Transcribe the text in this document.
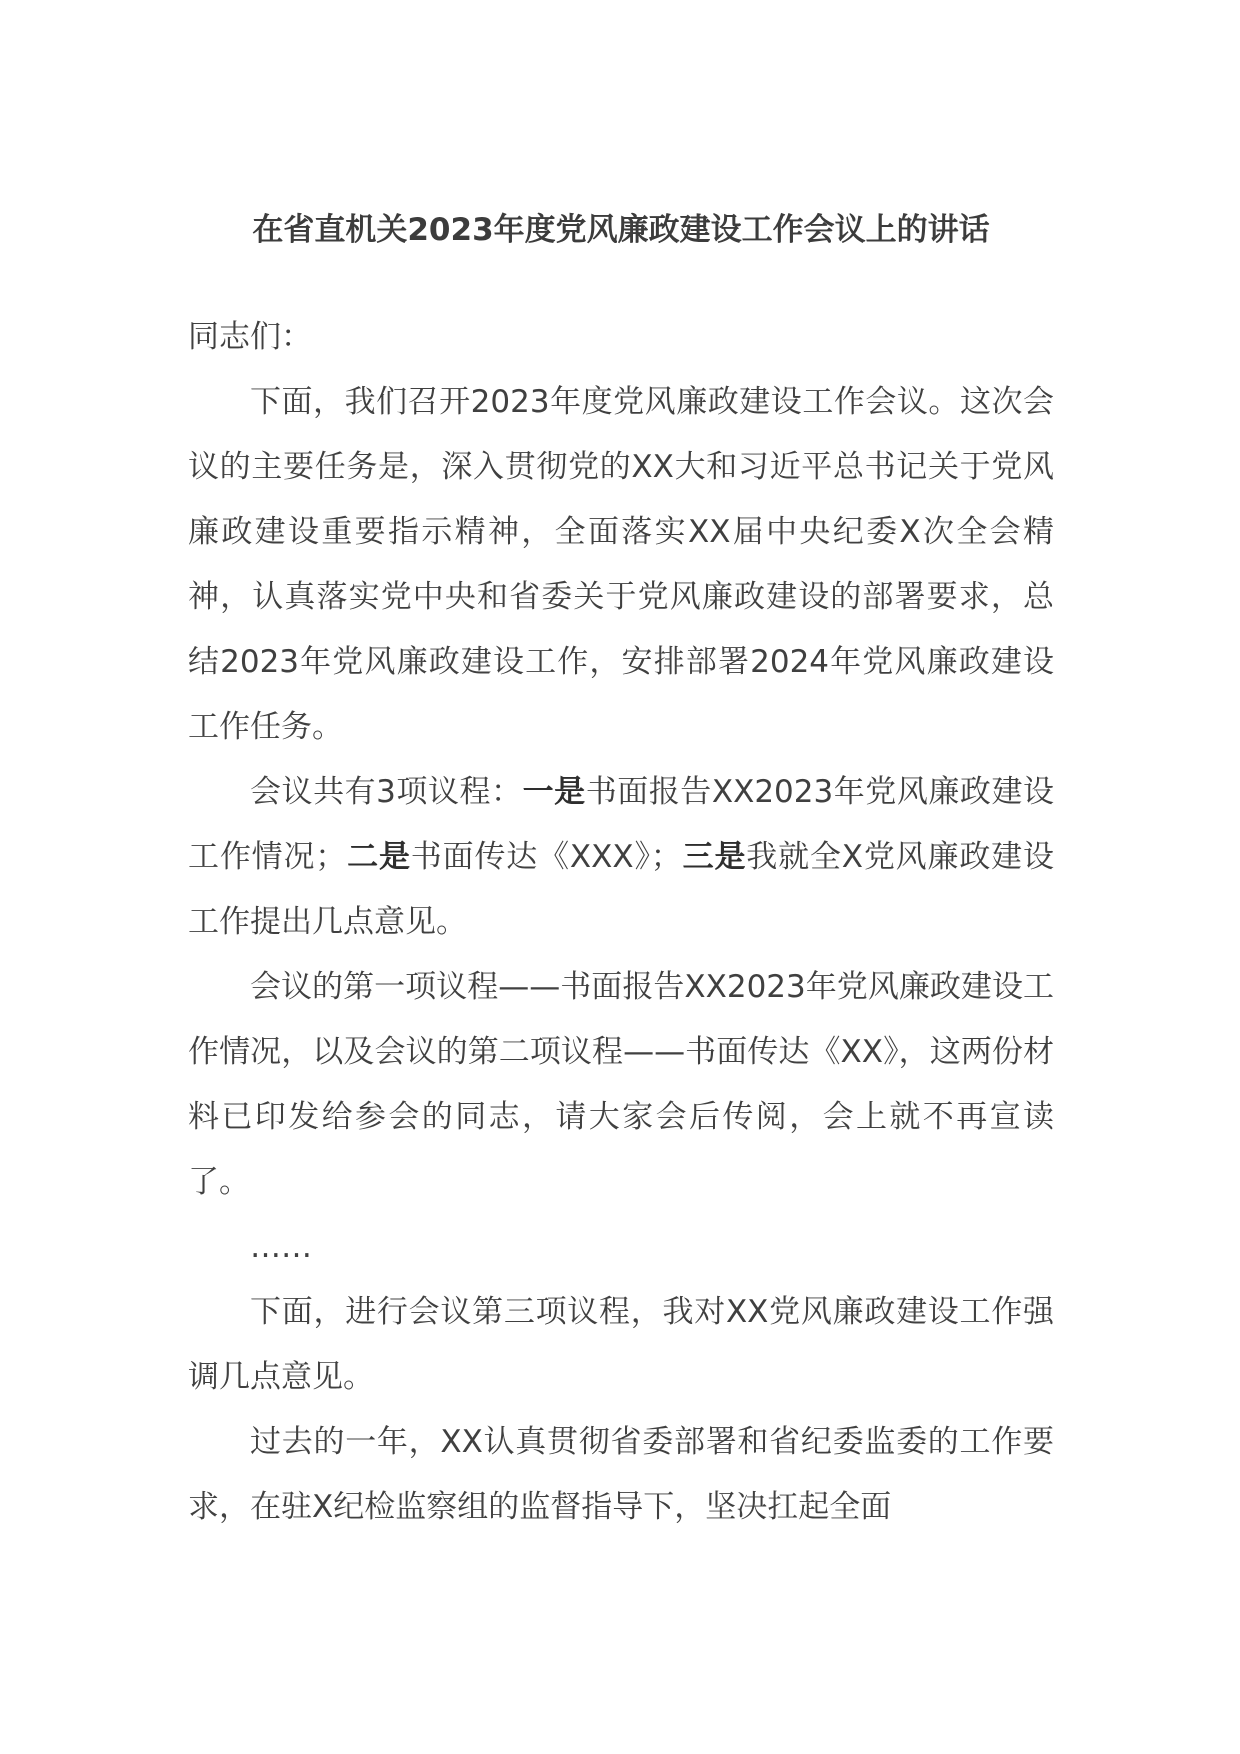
在省直机关2023年度党风廉政建设工作会议上的讲话

同志们：

下面，我们召开2023年度党风廉政建设工作会议。这次会议的主要任务是，深入贯彻党的XX大和习近平总书记关于党风廉政建设重要指示精神，全面落实XX届中央纪委X次全会精神，认真落实党中央和省委关于党风廉政建设的部署要求，总结2023年党风廉政建设工作，安排部署2024年党风廉政建设工作任务。

会议共有3项议程：一是书面报告XX2023年党风廉政建设工作情况；二是书面传达《XXX》；三是我就全X党风廉政建设工作提出几点意见。

会议的第一项议程——书面报告XX2023年党风廉政建设工作情况，以及会议的第二项议程——书面传达《XX》，这两份材料已印发给参会的同志，请大家会后传阅，会上就不再宣读了。

……

下面，进行会议第三项议程，我对XX党风廉政建设工作强调几点意见。

过去的一年，XX认真贯彻省委部署和省纪委监委的工作要求，在驻X纪检监察组的监督指导下，坚决扛起全面
